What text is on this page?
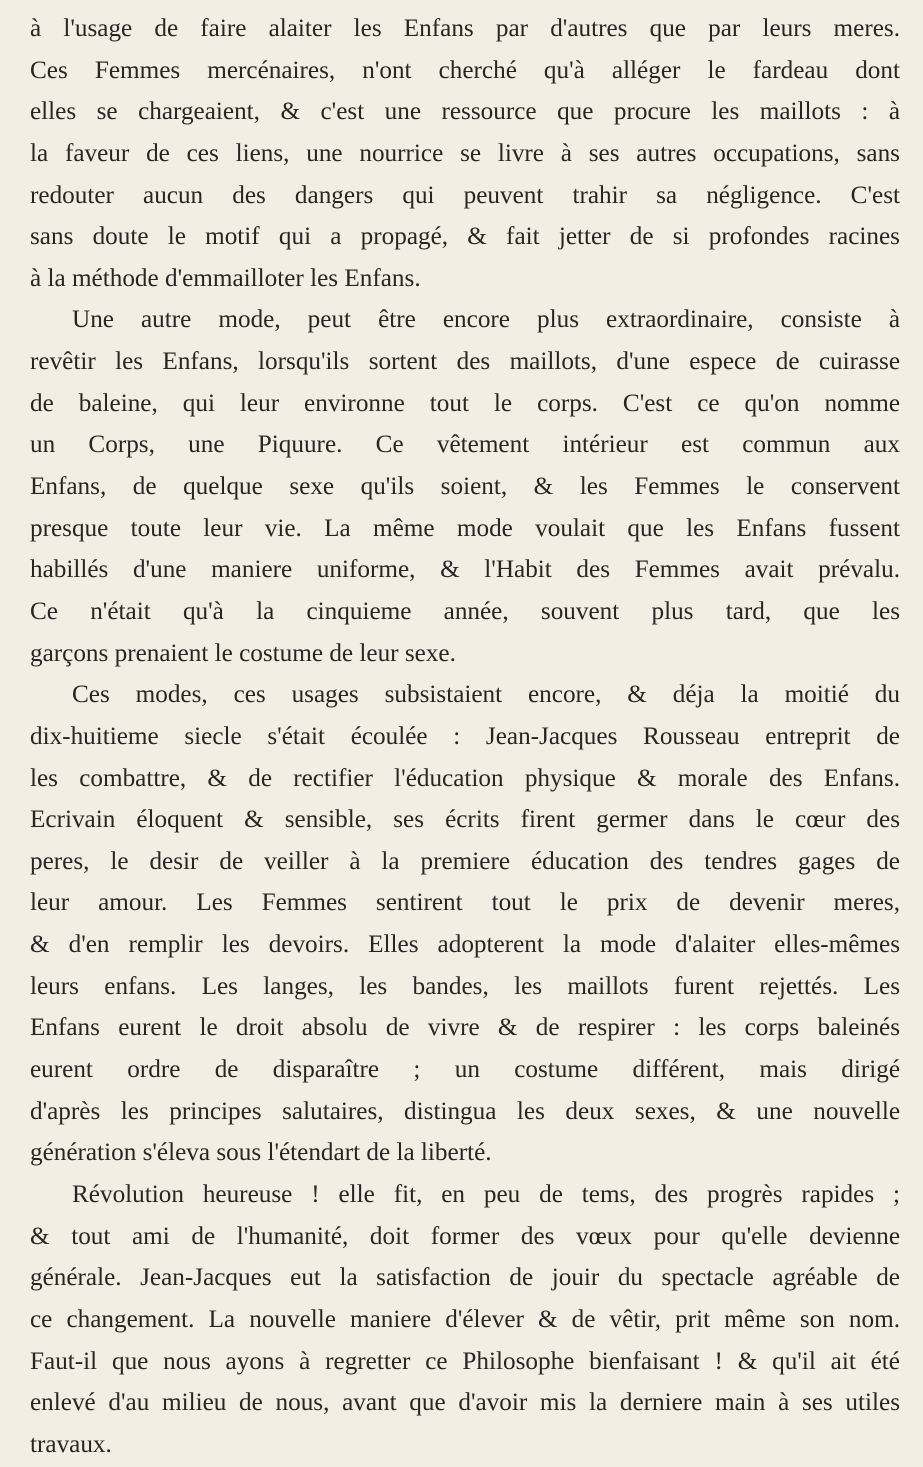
à l'usage de faire alaiter les Enfans par d'autres que par leurs meres.
Ces Femmes mercénaires, n'ont cherché qu'à alléger le fardeau dont
elles se chargeaient, & c'est une ressource que procure les maillots : à
la faveur de ces liens, une nourrice se livre à ses autres occupations, sans
redouter aucun des dangers qui peuvent trahir sa négligence. C'est
sans doute le motif qui a propagé, & fait jetter de si profondes racines
à la méthode d'emmailloter les Enfans.
Une autre mode, peut être encore plus extraordinaire, consiste à
revêtir les Enfans, lorsqu'ils sortent des maillots, d'une espece de cuirasse
de baleine, qui leur environne tout le corps. C'est ce qu'on nomme
un Corps, une Piquure. Ce vêtement intérieur est commun aux
Enfans, de quelque sexe qu'ils soient, & les Femmes le conservent
presque toute leur vie. La même mode voulait que les Enfans fussent
habillés d'une maniere uniforme, & l'Habit des Femmes avait prévalu.
Ce n'était qu'à la cinquieme année, souvent plus tard, que les
garçons prenaient le costume de leur sexe.
Ces modes, ces usages subsistaient encore, & déja la moitié du
dix-huitieme siecle s'était écoulée : Jean-Jacques Rousseau entreprit de
les combattre, & de rectifier l'éducation physique & morale des Enfans.
Ecrivain éloquent & sensible, ses écrits firent germer dans le cœur des
peres, le desir de veiller à la premiere éducation des tendres gages de
leur amour. Les Femmes sentirent tout le prix de devenir meres,
& d'en remplir les devoirs. Elles adopterent la mode d'alaiter elles-mêmes
leurs enfans. Les langes, les bandes, les maillots furent rejettés. Les
Enfans eurent le droit absolu de vivre & de respirer : les corps baleinés
eurent ordre de disparaître ; un costume différent, mais dirigé
d'après les principes salutaires, distingua les deux sexes, & une nouvelle
génération s'éleva sous l'étendart de la liberté.
Révolution heureuse ! elle fit, en peu de tems, des progrès rapides ;
& tout ami de l'humanité, doit former des vœux pour qu'elle devienne
générale. Jean-Jacques eut la satisfaction de jouir du spectacle agréable de
ce changement. La nouvelle maniere d'élever & de vêtir, prit même son nom.
Faut-il que nous ayons à regretter ce Philosophe bienfaisant ! & qu'il ait été
enlevé d'au milieu de nous, avant que d'avoir mis la derniere main à ses utiles
travaux.
